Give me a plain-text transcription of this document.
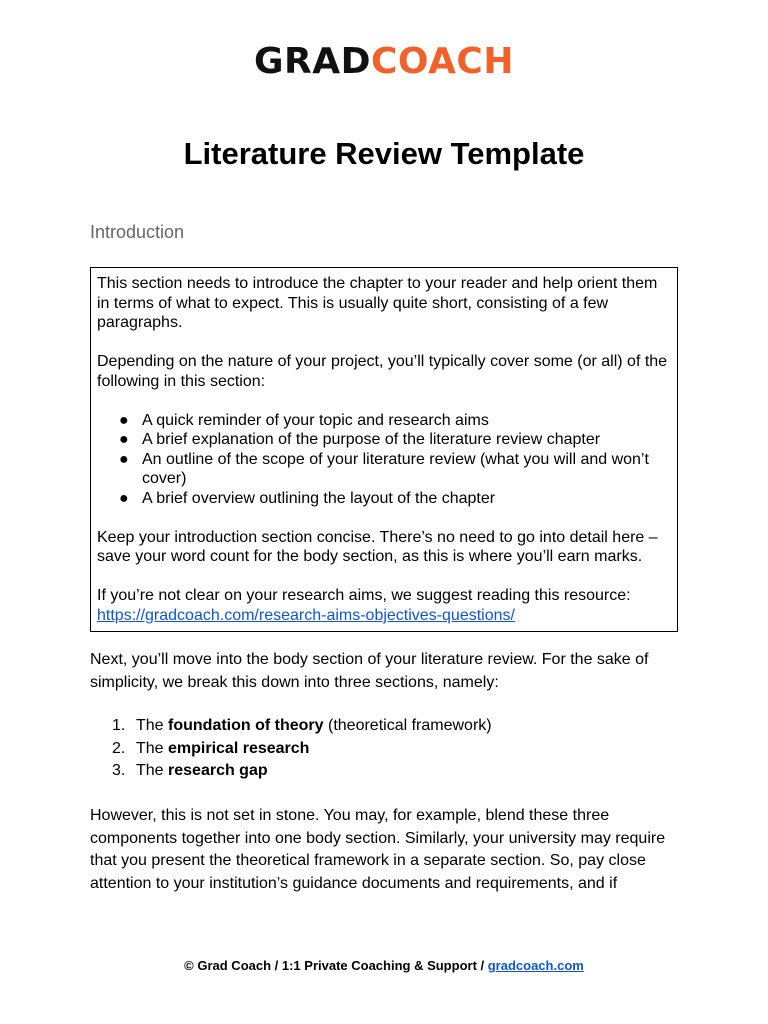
GRADCOACH
Literature Review Template
Introduction

This section needs to introduce the chapter to your reader and help orient them in terms of what to expect. This is usually quite short, consisting of a few paragraphs.

Depending on the nature of your project, you’ll typically cover some (or all) of the following in this section:

● A quick reminder of your topic and research aims
● A brief explanation of the purpose of the literature review chapter
● An outline of the scope of your literature review (what you will and won’t cover)
● A brief overview outlining the layout of the chapter

Keep your introduction section concise. There’s no need to go into detail here – save your word count for the body section, as this is where you’ll earn marks.

If you’re not clear on your research aims, we suggest reading this resource:
https://gradcoach.com/research-aims-objectives-questions/

Next, you’ll move into the body section of your literature review. For the sake of simplicity, we break this down into three sections, namely:

1. The foundation of theory (theoretical framework)
2. The empirical research
3. The research gap

However, this is not set in stone. You may, for example, blend these three components together into one body section. Similarly, your university may require that you present the theoretical framework in a separate section. So, pay close attention to your institution’s guidance documents and requirements, and if

© Grad Coach / 1:1 Private Coaching & Support / gradcoach.com
